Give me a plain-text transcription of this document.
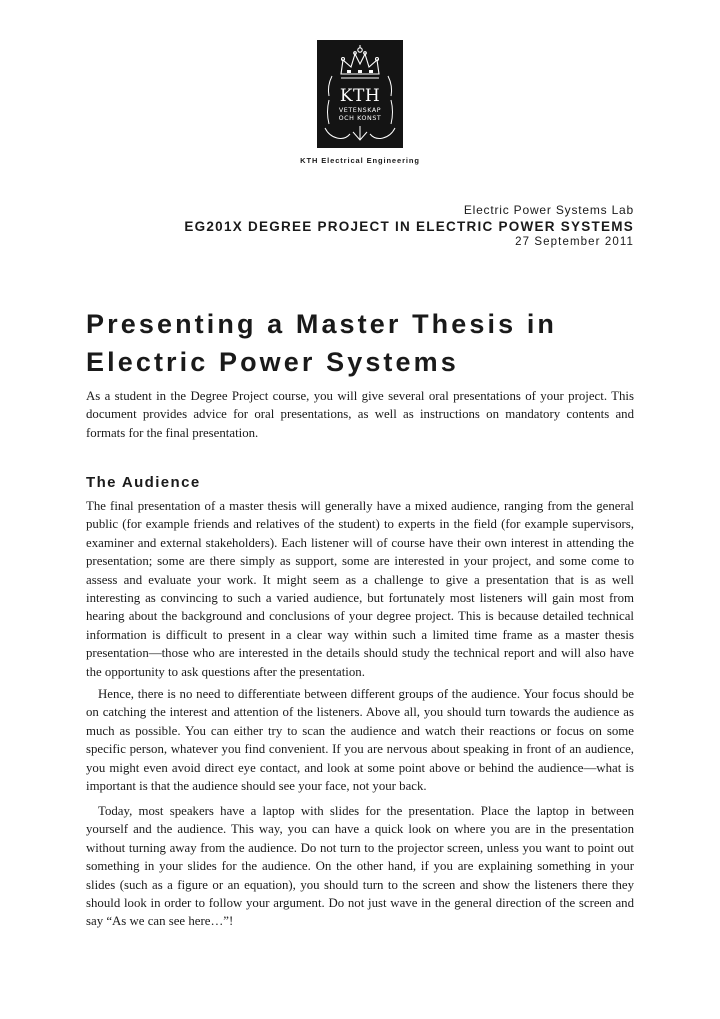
KTH
VETENSKAP
OCH KONST
KTH Electrical Engineering
Electric Power Systems Lab
EG201X DEGREE PROJECT IN ELECTRIC POWER SYSTEMS
27 September 2011
Presenting a Master Thesis in Electric Power Systems

As a student in the Degree Project course, you will give several oral presentations of your project. This document provides advice for oral presentations, as well as instructions on mandatory contents and formats for the final presentation.

The Audience

The final presentation of a master thesis will generally have a mixed audience, ranging from the general public (for example friends and relatives of the student) to experts in the field (for example supervisors, examiner and external stakeholders). Each listener will of course have their own interest in attending the presentation; some are there simply as support, some are interested in your project, and some come to assess and evaluate your work. It might seem as a challenge to give a presentation that is as well interesting as convincing to such a varied audience, but fortunately most listeners will gain most from hearing about the background and conclusions of your degree project. This is because detailed technical information is difficult to present in a clear way within such a limited time frame as a master thesis presentation—those who are interested in the details should study the technical report and will also have the opportunity to ask questions after the presentation.

Hence, there is no need to differentiate between different groups of the audience. Your focus should be on catching the interest and attention of the listeners. Above all, you should turn towards the audience as much as possible. You can either try to scan the audience and watch their reactions or focus on some specific person, whatever you find convenient. If you are nervous about speaking in front of an audience, you might even avoid direct eye contact, and look at some point above or behind the audience—what is important is that the audience should see your face, not your back.

Today, most speakers have a laptop with slides for the presentation. Place the laptop in between yourself and the audience. This way, you can have a quick look on where you are in the presentation without turning away from the audience. Do not turn to the projector screen, unless you want to point out something in your slides for the audience. On the other hand, if you are explaining something in your slides (such as a figure or an equation), you should turn to the screen and show the listeners there they should look in order to follow your argument. Do not just wave in the general direction of the screen and say “As we can see here…”!
